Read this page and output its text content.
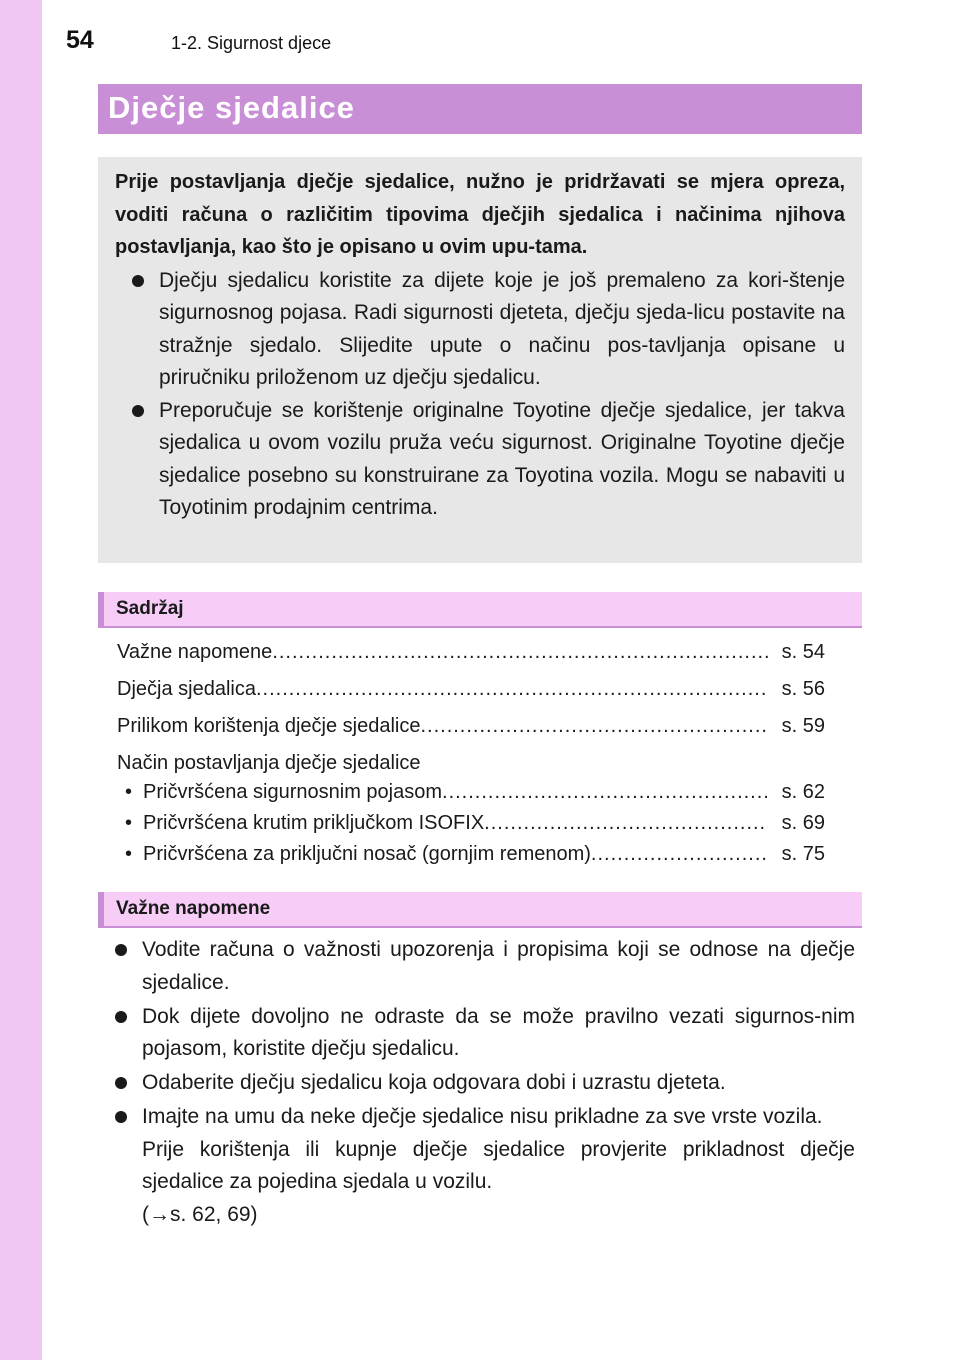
54	1-2. Sigurnost djece
Dječje sjedalice

Prije postavljanja dječje sjedalice, nužno je pridržavati se mjera opreza, voditi računa o različitim tipovima dječjih sjedalica i načinima njihova postavljanja, kao što je opisano u ovim upu-tama.

Dječju sjedalicu koristite za dijete koje je još premaleno za kori-štenje sigurnosnog pojasa. Radi sigurnosti djeteta, dječju sjeda-licu postavite na stražnje sjedalo. Slijedite upute o načinu pos-tavljanja opisane u priručniku priloženom uz dječju sjedalicu.
Preporučuje se korištenje originalne Toyotine dječje sjedalice, jer takva sjedalica u ovom vozilu pruža veću sigurnost. Originalne Toyotine dječje sjedalice posebno su konstruirane za Toyotina vozila. Mogu se nabaviti u Toyotinim prodajnim centrima.
Sadržaj
Važne napomene .....	s. 54
Dječja sjedalica .....	s. 56
Prilikom korištenja dječje sjedalice .....	s. 59
Način postavljanja dječje sjedalice
• Pričvršćena sigurnosnim pojasom .....	s. 62
• Pričvršćena krutim priključkom ISOFIX .....	s. 69
• Pričvršćena za priključni nosač (gornjim remenom) .....	s. 75
Važne napomene
Vodite računa o važnosti upozorenja i propisima koji se odnose na dječje sjedalice.
Dok dijete dovoljno ne odraste da se može pravilno vezati sigurnos-nim pojasom, koristite dječju sjedalicu.
Odaberite dječju sjedalicu koja odgovara dobi i uzrastu djeteta.
Imajte na umu da neke dječje sjedalice nisu prikladne za sve vrste vozila.
Prije korištenja ili kupnje dječje sjedalice provjerite prikladnost dječje sjedalice za pojedina sjedala u vozilu.
(→s. 62, 69)
